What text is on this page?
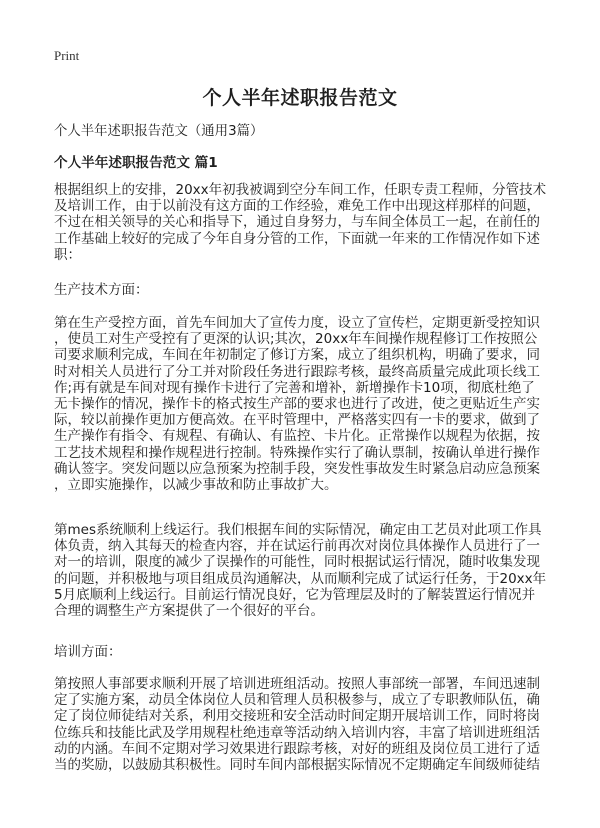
Print
个人半年述职报告范文
个人半年述职报告范文（通用3篇）
个人半年述职报告范文 篇1
根据组织上的安排，20xx年初我被调到空分车间工作，任职专责工程师，分管技术
及培训工作，由于以前没有这方面的工作经验，难免工作中出现这样那样的问题，
不过在相关领导的关心和指导下，通过自身努力，与车间全体员工一起，在前任的
工作基础上较好的完成了今年自身分管的工作，下面就一年来的工作情况作如下述
职：
生产技术方面：
第在生产受控方面，首先车间加大了宣传力度，设立了宣传栏，定期更新受控知识
，使员工对生产受控有了更深的认识;其次，20xx年车间操作规程修订工作按照公
司要求顺利完成，车间在年初制定了修订方案，成立了组织机构，明确了要求，同
时对相关人员进行了分工并对阶段任务进行跟踪考核，最终高质量完成此项长线工
作;再有就是车间对现有操作卡进行了完善和增补，新增操作卡10项，彻底杜绝了
无卡操作的情况，操作卡的格式按生产部的要求也进行了改进，使之更贴近生产实
际，较以前操作更加方便高效。在平时管理中，严格落实四有一卡的要求，做到了
生产操作有指令、有规程、有确认、有监控、卡片化。正常操作以规程为依据，按
工艺技术规程和操作规程进行控制。特殊操作实行了确认票制，按确认单进行操作
确认签字。突发问题以应急预案为控制手段，突发性事故发生时紧急启动应急预案
，立即实施操作，以减少事故和防止事故扩大。
第mes系统顺利上线运行。我们根据车间的实际情况，确定由工艺员对此项工作具
体负责，纳入其每天的检查内容，并在试运行前再次对岗位具体操作人员进行了一
对一的培训，限度的减少了误操作的可能性，同时根据试运行情况，随时收集发现
的问题，并积极地与项目组成员沟通解决，从而顺利完成了试运行任务，于20xx年
5月底顺利上线运行。目前运行情况良好，它为管理层及时的了解装置运行情况并
合理的调整生产方案提供了一个很好的平台。
培训方面：
第按照人事部要求顺利开展了培训进班组活动。按照人事部统一部署，车间迅速制
定了实施方案，动员全体岗位人员和管理人员积极参与，成立了专职教师队伍，确
定了岗位师徒结对关系，利用交接班和安全活动时间定期开展培训工作，同时将岗
位练兵和技能比武及学用规程杜绝违章等活动纳入培训内容，丰富了培训进班组活
动的内涵。车间不定期对学习效果进行跟踪考核，对好的班组及岗位员工进行了适
当的奖励，以鼓励其积极性。同时车间内部根据实际情况不定期确定车间级师徒结
